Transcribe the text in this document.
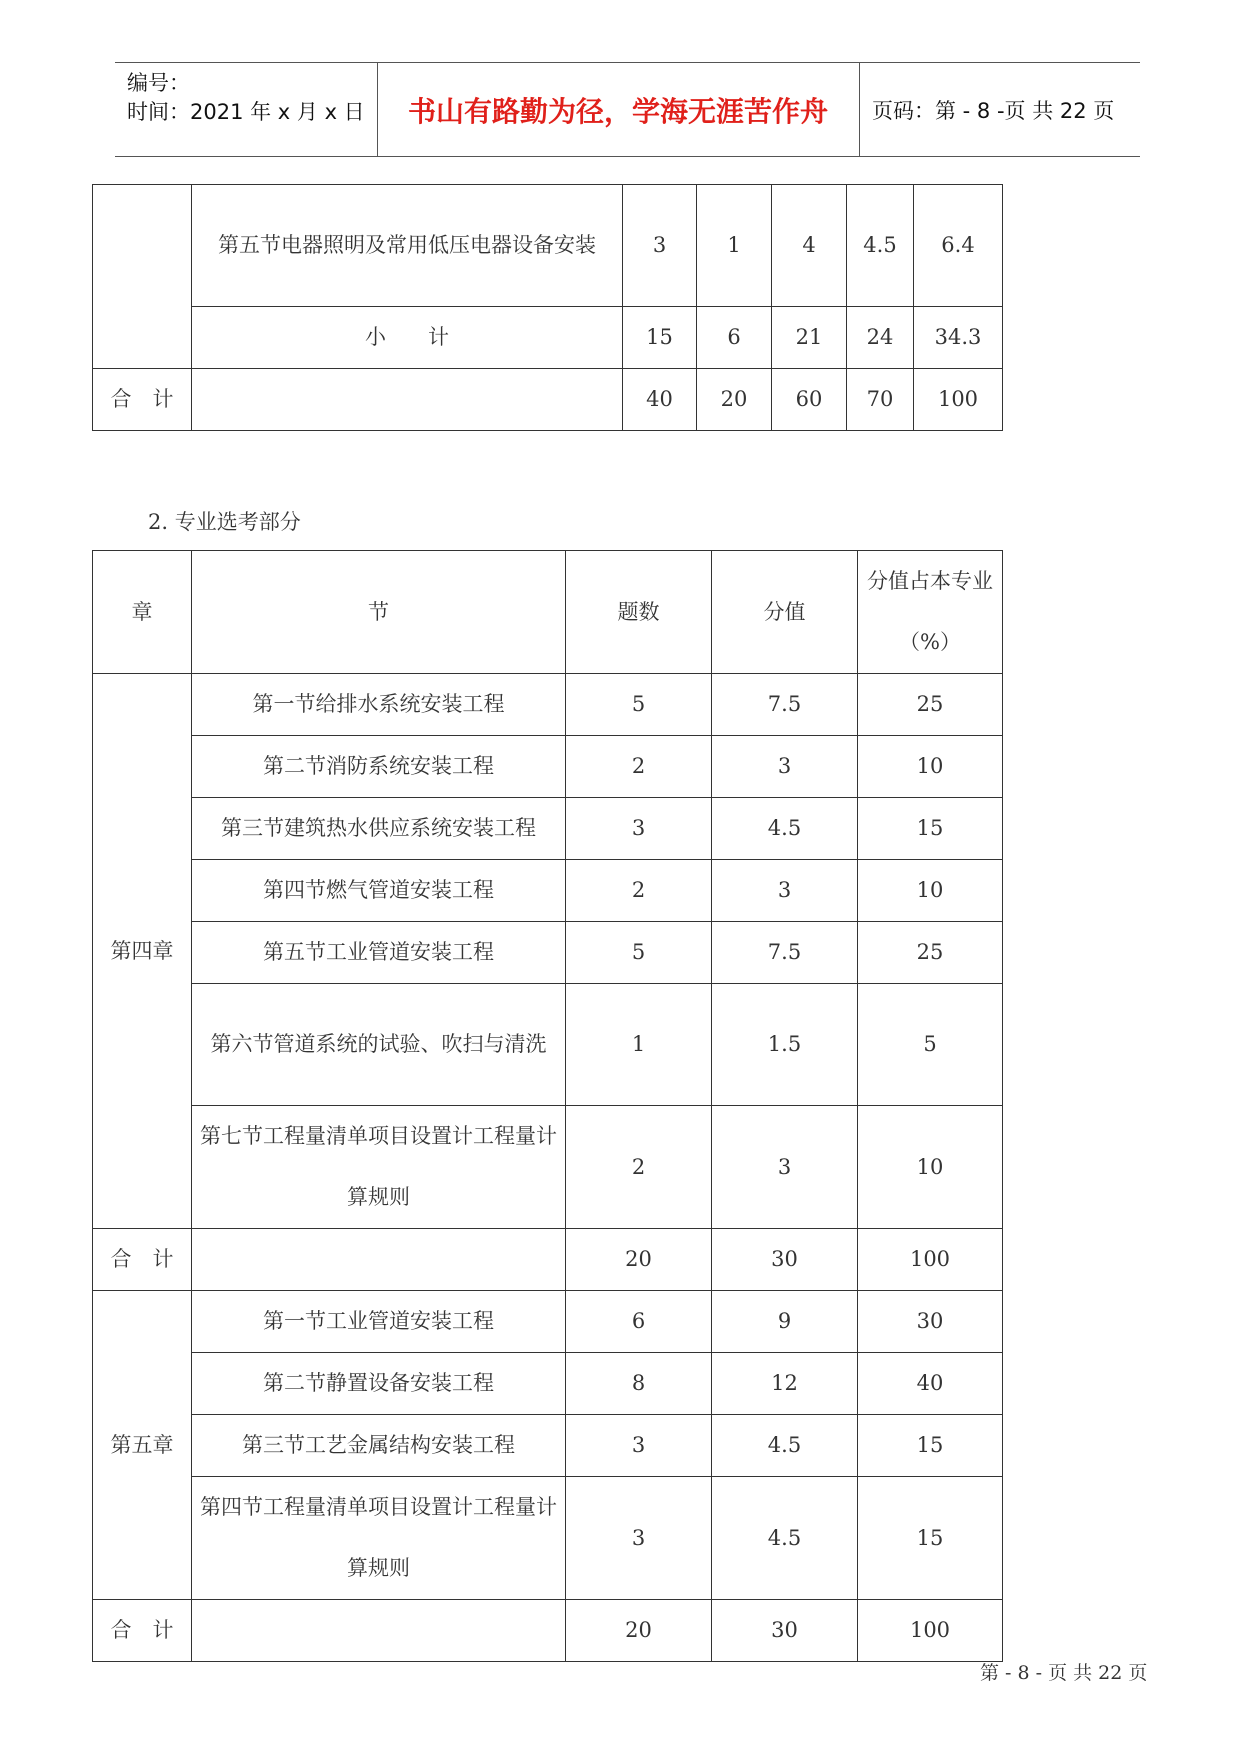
编号：
时间：2021 年 x 月 x 日	书山有路勤为径，学海无涯苦作舟	页码：第 - 8 -页 共 22 页
	第五节电器照明及常用低压电器设备安装	3	1	4	4.5	6.4
	小　　计	15	6	21	24	34.3
合　计		40	20	60	70	100
2. 专业选考部分
章	节	题数	分值	分值占本专业（%）
第四章	第一节给排水系统安装工程	5	7.5	25
	第二节消防系统安装工程	2	3	10
	第三节建筑热水供应系统安装工程	3	4.5	15
	第四节燃气管道安装工程	2	3	10
	第五节工业管道安装工程	5	7.5	25
	第六节管道系统的试验、吹扫与清洗	1	1.5	5
	第七节工程量清单项目设置计工程量计算规则	2	3	10
合　计		20	30	100
第五章	第一节工业管道安装工程	6	9	30
	第二节静置设备安装工程	8	12	40
	第三节工艺金属结构安装工程	3	4.5	15
	第四节工程量清单项目设置计工程量计算规则	3	4.5	15
合　计		20	30	100
第 - 8 - 页 共 22 页
